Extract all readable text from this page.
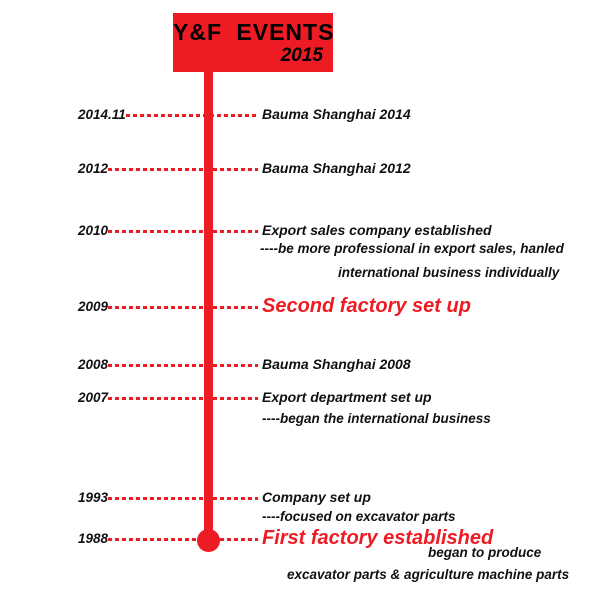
Y&F EVENTS
2015
2014.11	Bauma Shanghai 2014
2012	Bauma Shanghai 2012
2010	Export sales company established
----be more professional in export sales, hanled
international business individually
2009	Second factory set up
2008	Bauma Shanghai 2008
2007	Export department set up
----began the international business
1993	Company set up
----focused on excavator parts
1988	First factory established
began to produce
excavator parts & agriculture machine parts
